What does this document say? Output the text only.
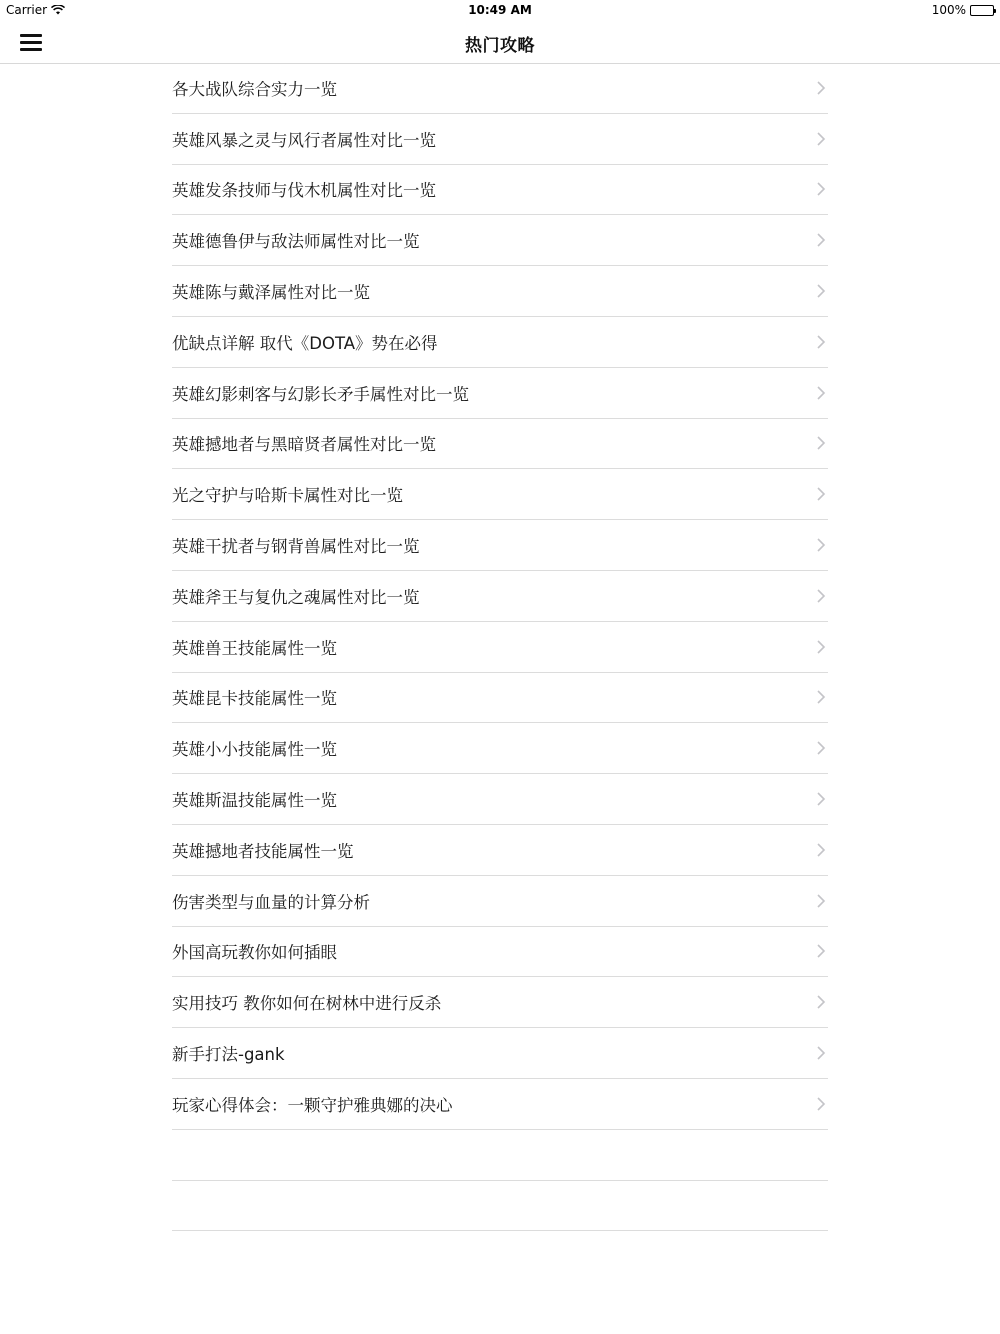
Carrier	10:49 AM	100%
热门攻略
各大战队综合实力一览
英雄风暴之灵与风行者属性对比一览
英雄发条技师与伐木机属性对比一览
英雄德鲁伊与敌法师属性对比一览
英雄陈与戴泽属性对比一览
优缺点详解 取代《DOTA》势在必得
英雄幻影刺客与幻影长矛手属性对比一览
英雄撼地者与黑暗贤者属性对比一览
光之守护与哈斯卡属性对比一览
英雄干扰者与钢背兽属性对比一览
英雄斧王与复仇之魂属性对比一览
英雄兽王技能属性一览
英雄昆卡技能属性一览
英雄小小技能属性一览
英雄斯温技能属性一览
英雄撼地者技能属性一览
伤害类型与血量的计算分析
外国高玩教你如何插眼
实用技巧 教你如何在树林中进行反杀
新手打法-gank
玩家心得体会：一颗守护雅典娜的决心
